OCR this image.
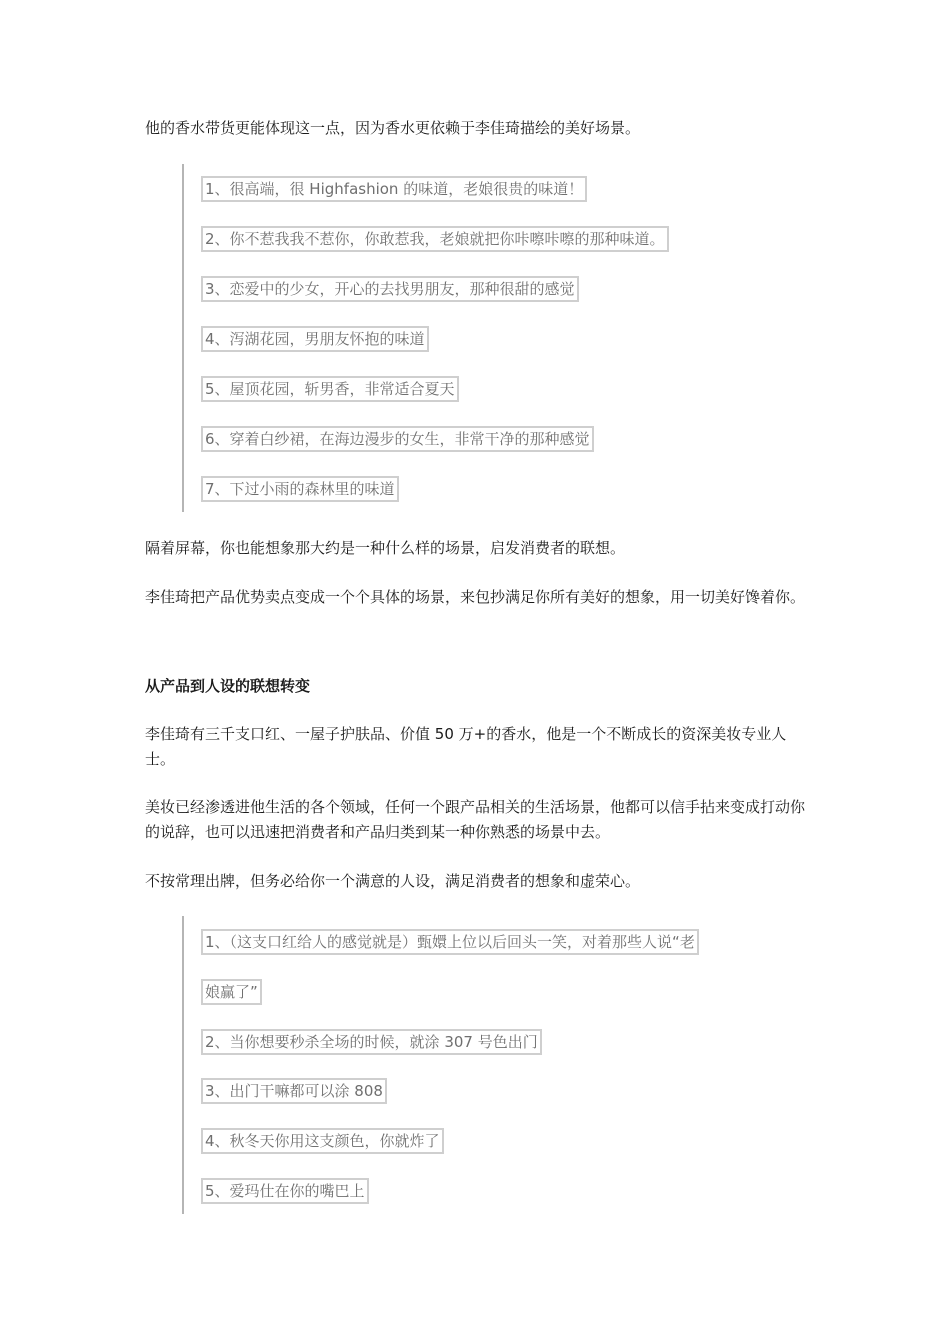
他的香水带货更能体现这一点，因为香水更依赖于李佳琦描绘的美好场景。

1、很高端，很 Highfashion 的味道，老娘很贵的味道！
2、你不惹我我不惹你，你敢惹我，老娘就把你咔嚓咔嚓的那种味道。
3、恋爱中的少女，开心的去找男朋友，那种很甜的感觉
4、泻湖花园，男朋友怀抱的味道
5、屋顶花园，斩男香，非常适合夏天
6、穿着白纱裙，在海边漫步的女生，非常干净的那种感觉
7、下过小雨的森林里的味道

隔着屏幕，你也能想象那大约是一种什么样的场景，启发消费者的联想。

李佳琦把产品优势卖点变成一个个具体的场景，来包抄满足你所有美好的想象，用一切美好馋着你。

从产品到人设的联想转变

李佳琦有三千支口红、一屋子护肤品、价值 50 万+的香水，他是一个不断成长的资深美妆专业人士。

美妆已经渗透进他生活的各个领域，任何一个跟产品相关的生活场景，他都可以信手拈来变成打动你的说辞，也可以迅速把消费者和产品归类到某一种你熟悉的场景中去。

不按常理出牌，但务必给你一个满意的人设，满足消费者的想象和虚荣心。

1、（这支口红给人的感觉就是）甄嬛上位以后回头一笑，对着那些人说“老
娘赢了”
2、当你想要秒杀全场的时候，就涂 307 号色出门
3、出门干嘛都可以涂 808
4、秋冬天你用这支颜色，你就炸了
5、爱玛仕在你的嘴巴上
